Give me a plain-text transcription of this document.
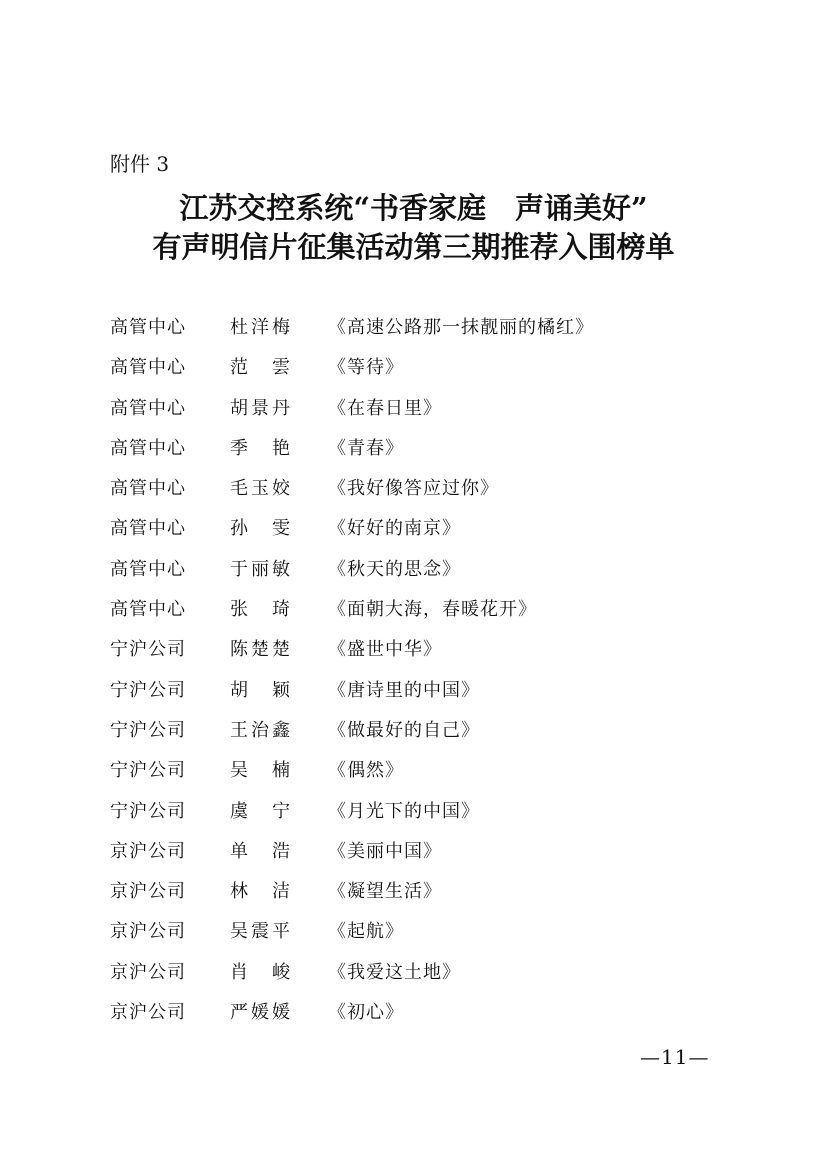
附件 3
江苏交控系统“书香家庭　声诵美好”
有声明信片征集活动第三期推荐入围榜单
高管中心 杜 洋 梅 《高速公路那一抹靓丽的橘红》
高管中心 范 雲 《等待》
高管中心 胡 景 丹 《在春日里》
高管中心 季 艳 《青春》
高管中心 毛 玉 姣 《我好像答应过你》
高管中心 孙 雯 《好好的南京》
高管中心 于 丽 敏 《秋天的思念》
高管中心 张 琦 《面朝大海，春暖花开》
宁沪公司 陈 楚 楚 《盛世中华》
宁沪公司 胡 颖 《唐诗里的中国》
宁沪公司 王 治 鑫 《做最好的自己》
宁沪公司 吴 楠 《偶然》
宁沪公司 虞 宁 《月光下的中国》
京沪公司 单 浩 《美丽中国》
京沪公司 林 洁 《凝望生活》
京沪公司 吴 震 平 《起航》
京沪公司 肖 峻 《我爱这土地》
京沪公司 严 媛 媛 《初心》
—11—
